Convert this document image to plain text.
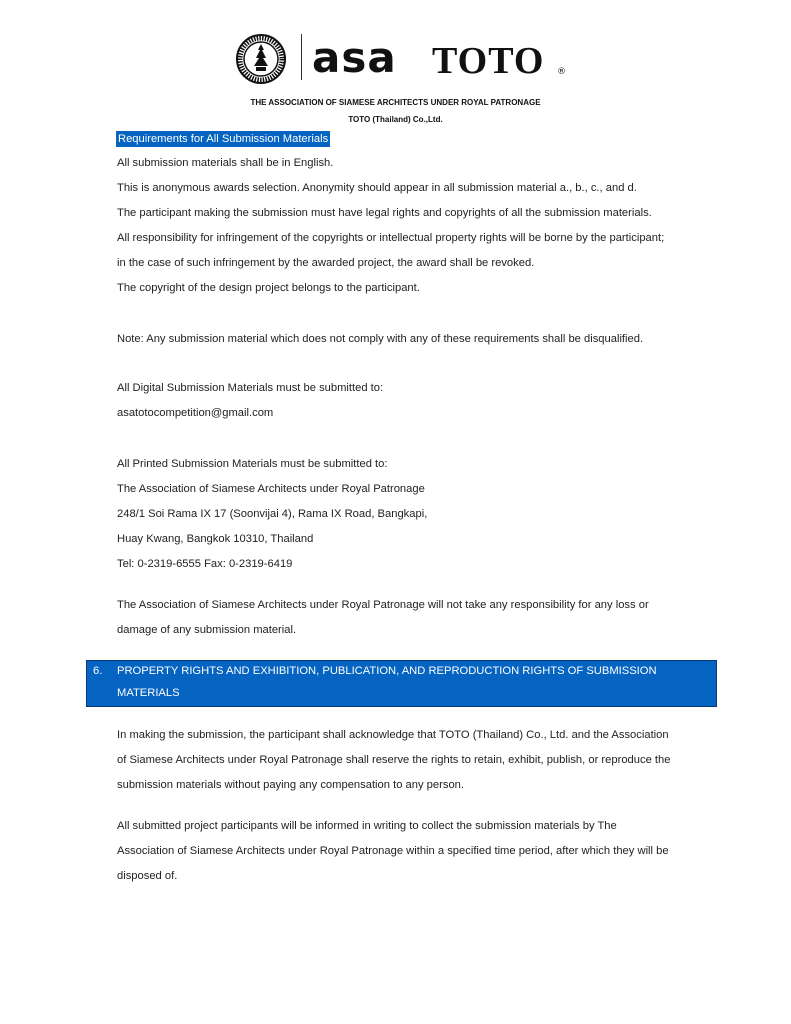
asa TOTO ®
THE ASSOCIATION OF SIAMESE ARCHITECTS UNDER ROYAL PATRONAGE
TOTO (Thailand) Co.,Ltd.
Requirements for All Submission Materials
All submission materials shall be in English.
This is anonymous awards selection. Anonymity should appear in all submission material a., b., c., and d.
The participant making the submission must have legal rights and copyrights of all the submission materials.
All responsibility for infringement of the copyrights or intellectual property rights will be borne by the participant;
in the case of such infringement by the awarded project, the award shall be revoked.
The copyright of the design project belongs to the participant.
Note: Any submission material which does not comply with any of these requirements shall be disqualified.
All Digital Submission Materials must be submitted to:
asatotocompetition@gmail.com
All Printed Submission Materials must be submitted to:
The Association of Siamese Architects under Royal Patronage
248/1 Soi Rama IX 17 (Soonvijai 4), Rama IX Road, Bangkapi,
Huay Kwang, Bangkok 10310, Thailand
Tel: 0-2319-6555 Fax: 0-2319-6419
The Association of Siamese Architects under Royal Patronage will not take any responsibility for any loss or
damage of any submission material.
6. PROPERTY RIGHTS AND EXHIBITION, PUBLICATION, AND REPRODUCTION RIGHTS OF SUBMISSION
MATERIALS
In making the submission, the participant shall acknowledge that TOTO (Thailand) Co., Ltd. and the Association
of Siamese Architects under Royal Patronage shall reserve the rights to retain, exhibit, publish, or reproduce the
submission materials without paying any compensation to any person.
All submitted project participants will be informed in writing to collect the submission materials by The
Association of Siamese Architects under Royal Patronage within a specified time period, after which they will be
disposed of.
